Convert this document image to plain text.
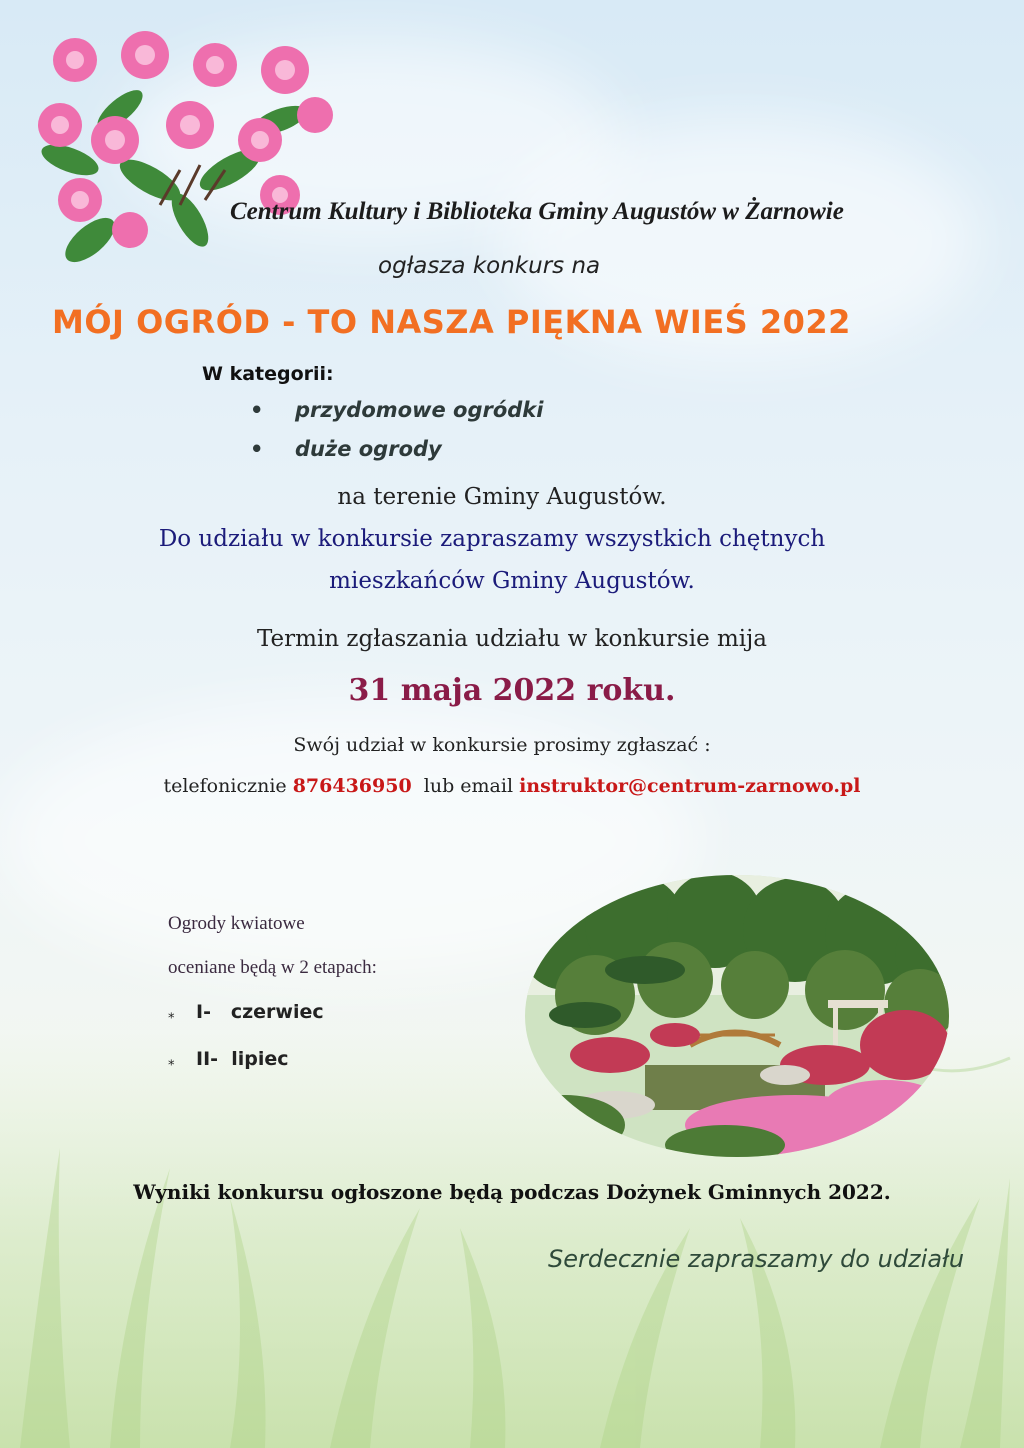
Centrum Kultury i Biblioteka Gminy Augustów w Żarnowie
ogłasza konkurs na
MÓJ OGRÓD - TO NASZA PIĘKNA WIEŚ 2022
W kategorii:
• przydomowe ogródki
• duże ogrody
na terenie Gminy Augustów.
Do udziału w konkursie zapraszamy wszystkich chętnych
mieszkańców Gminy Augustów.
Termin zgłaszania udziału w konkursie mija
31 maja 2022 roku.
Swój udział w konkursie prosimy zgłaszać :
telefonicznie 876436950 lub email instruktor@centrum-zarnowo.pl
Ogrody kwiatowe
oceniane będą w 2 etapach:
⁎ I- czerwiec
⁎ II- lipiec
Wyniki konkursu ogłoszone będą podczas Dożynek Gminnych 2022.
Serdecznie zapraszamy do udziału
